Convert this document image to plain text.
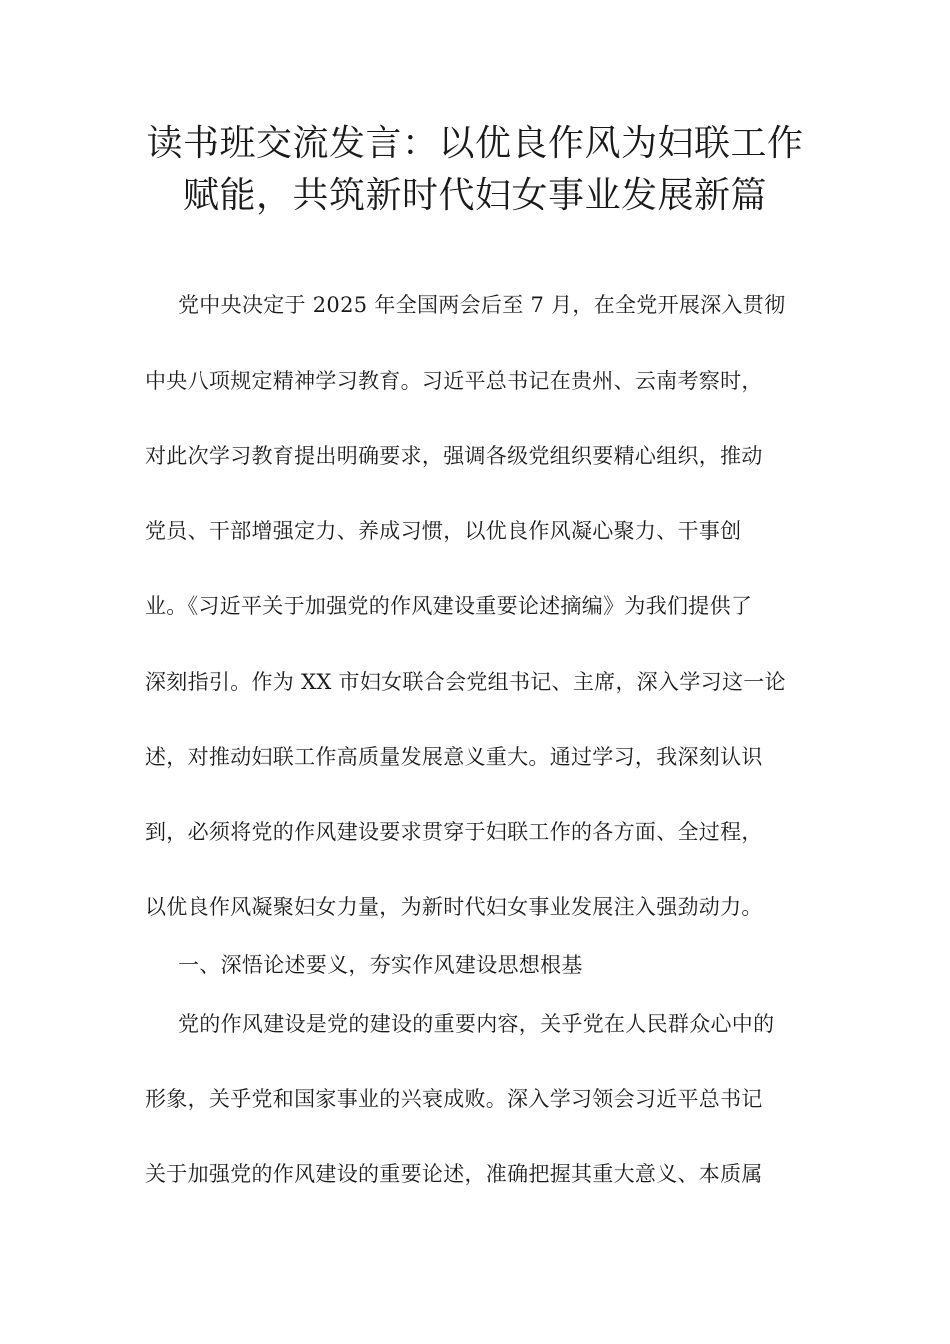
读书班交流发言：以优良作风为妇联工作
赋能，共筑新时代妇女事业发展新篇
党中央决定于 2025 年全国两会后至 7 月，在全党开展深入贯彻
中央八项规定精神学习教育。习近平总书记在贵州、云南考察时，
对此次学习教育提出明确要求，强调各级党组织要精心组织，推动
党员、干部增强定力、养成习惯，以优良作风凝心聚力、干事创
业。《习近平关于加强党的作风建设重要论述摘编》为我们提供了
深刻指引。作为 XX 市妇女联合会党组书记、主席，深入学习这一论
述，对推动妇联工作高质量发展意义重大。通过学习，我深刻认识
到，必须将党的作风建设要求贯穿于妇联工作的各方面、全过程，
以优良作风凝聚妇女力量，为新时代妇女事业发展注入强劲动力。
一、深悟论述要义，夯实作风建设思想根基
党的作风建设是党的建设的重要内容，关乎党在人民群众心中的
形象，关乎党和国家事业的兴衰成败。深入学习领会习近平总书记
关于加强党的作风建设的重要论述，准确把握其重大意义、本质属
